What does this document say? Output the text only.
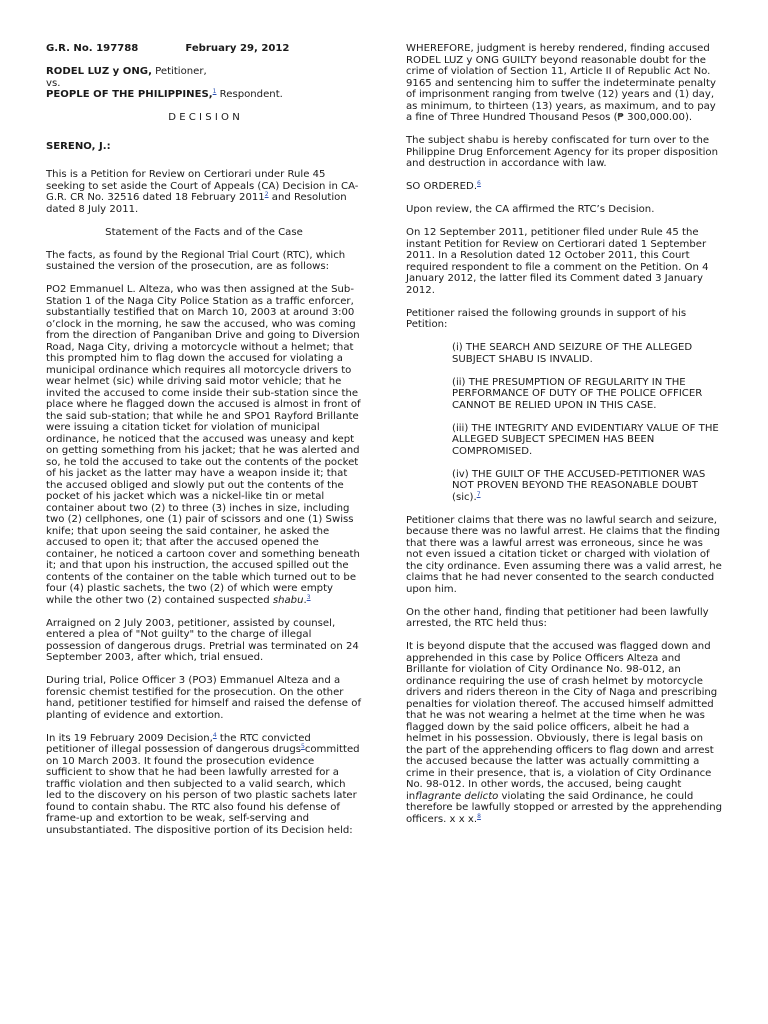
G.R. No. 197788	February 29, 2012

RODEL LUZ y ONG, Petitioner,

vs.

PEOPLE OF THE PHILIPPINES,$^1$ Respondent.

D E C I S I O N

SERENO, J.:

This is a Petition for Review on Certiorari under Rule 45 seeking to set aside the Court of Appeals (CA) Decision in CA-G.R. CR No. 32516 dated 18 February 2011$^2$ and Resolution dated 8 July 2011.

Statement of the Facts and of the Case

The facts, as found by the Regional Trial Court (RTC), which sustained the version of the prosecution, are as follows:

PO2 Emmanuel L. Alteza, who was then assigned at the Sub-Station 1 of the Naga City Police Station as a traffic enforcer, substantially testified that on March 10, 2003 at around 3:00 o’clock in the morning, he saw the accused, who was coming from the direction of Panganiban Drive and going to Diversion Road, Naga City, driving a motorcycle without a helmet; that this prompted him to flag down the accused for violating a municipal ordinance which requires all motorcycle drivers to wear helmet (sic) while driving said motor vehicle; that he invited the accused to come inside their sub-station since the place where he flagged down the accused is almost in front of the said sub-station; that while he and SPO1 Rayford Brillante were issuing a citation ticket for violation of municipal ordinance, he noticed that the accused was uneasy and kept on getting something from his jacket; that he was alerted and so, he told the accused to take out the contents of the pocket of his jacket as the latter may have a weapon inside it; that the accused obliged and slowly put out the contents of the pocket of his jacket which was a nickel-like tin or metal container about two (2) to three (3) inches in size, including two (2) cellphones, one (1) pair of scissors and one (1) Swiss knife; that upon seeing the said container, he asked the accused to open it; that after the accused opened the container, he noticed a cartoon cover and something beneath it; and that upon his instruction, the accused spilled out the contents of the container on the table which turned out to be four (4) plastic sachets, the two (2) of which were empty while the other two (2) contained suspected shabu.$^3$

Arraigned on 2 July 2003, petitioner, assisted by counsel, entered a plea of "Not guilty" to the charge of illegal possession of dangerous drugs. Pretrial was terminated on 24 September 2003, after which, trial ensued.

During trial, Police Officer 3 (PO3) Emmanuel Alteza and a forensic chemist testified for the prosecution. On the other hand, petitioner testified for himself and raised the defense of planting of evidence and extortion.

In its 19 February 2009 Decision,$^4$ the RTC convicted petitioner of illegal possession of dangerous drugs$^5$committed on 10 March 2003. It found the prosecution evidence sufficient to show that he had been lawfully arrested for a traffic violation and then subjected to a valid search, which led to the discovery on his person of two plastic sachets later found to contain shabu. The RTC also found his defense of frame-up and extortion to be weak, self-serving and unsubstantiated. The dispositive portion of its Decision held:

WHEREFORE, judgment is hereby rendered, finding accused RODEL LUZ y ONG GUILTY beyond reasonable doubt for the crime of violation of Section 11, Article II of Republic Act No. 9165 and sentencing him to suffer the indeterminate penalty of imprisonment ranging from twelve (12) years and (1) day, as minimum, to thirteen (13) years, as maximum, and to pay a fine of Three Hundred Thousand Pesos (₱ 300,000.00).

The subject shabu is hereby confiscated for turn over to the Philippine Drug Enforcement Agency for its proper disposition and destruction in accordance with law.

SO ORDERED.$^6$

Upon review, the CA affirmed the RTC’s Decision.

On 12 September 2011, petitioner filed under Rule 45 the instant Petition for Review on Certiorari dated 1 September 2011. In a Resolution dated 12 October 2011, this Court required respondent to file a comment on the Petition. On 4 January 2012, the latter filed its Comment dated 3 January 2012.

Petitioner raised the following grounds in support of his Petition:

(i) THE SEARCH AND SEIZURE OF THE ALLEGED SUBJECT SHABU IS INVALID.

(ii) THE PRESUMPTION OF REGULARITY IN THE PERFORMANCE OF DUTY OF THE POLICE OFFICER CANNOT BE RELIED UPON IN THIS CASE.

(iii) THE INTEGRITY AND EVIDENTIARY VALUE OF THE ALLEGED SUBJECT SPECIMEN HAS BEEN COMPROMISED.

(iv) THE GUILT OF THE ACCUSED-PETITIONER WAS NOT PROVEN BEYOND THE REASONABLE DOUBT (sic).$^7$

Petitioner claims that there was no lawful search and seizure, because there was no lawful arrest. He claims that the finding that there was a lawful arrest was erroneous, since he was not even issued a citation ticket or charged with violation of the city ordinance. Even assuming there was a valid arrest, he claims that he had never consented to the search conducted upon him.

On the other hand, finding that petitioner had been lawfully arrested, the RTC held thus:

It is beyond dispute that the accused was flagged down and apprehended in this case by Police Officers Alteza and Brillante for violation of City Ordinance No. 98-012, an ordinance requiring the use of crash helmet by motorcycle drivers and riders thereon in the City of Naga and prescribing penalties for violation thereof. The accused himself admitted that he was not wearing a helmet at the time when he was flagged down by the said police officers, albeit he had a helmet in his possession. Obviously, there is legal basis on the part of the apprehending officers to flag down and arrest the accused because the latter was actually committing a crime in their presence, that is, a violation of City Ordinance No. 98-012. In other words, the accused, being caught inflagrante delicto violating the said Ordinance, he could therefore be lawfully stopped or arrested by the apprehending officers. x x x.$^8$
